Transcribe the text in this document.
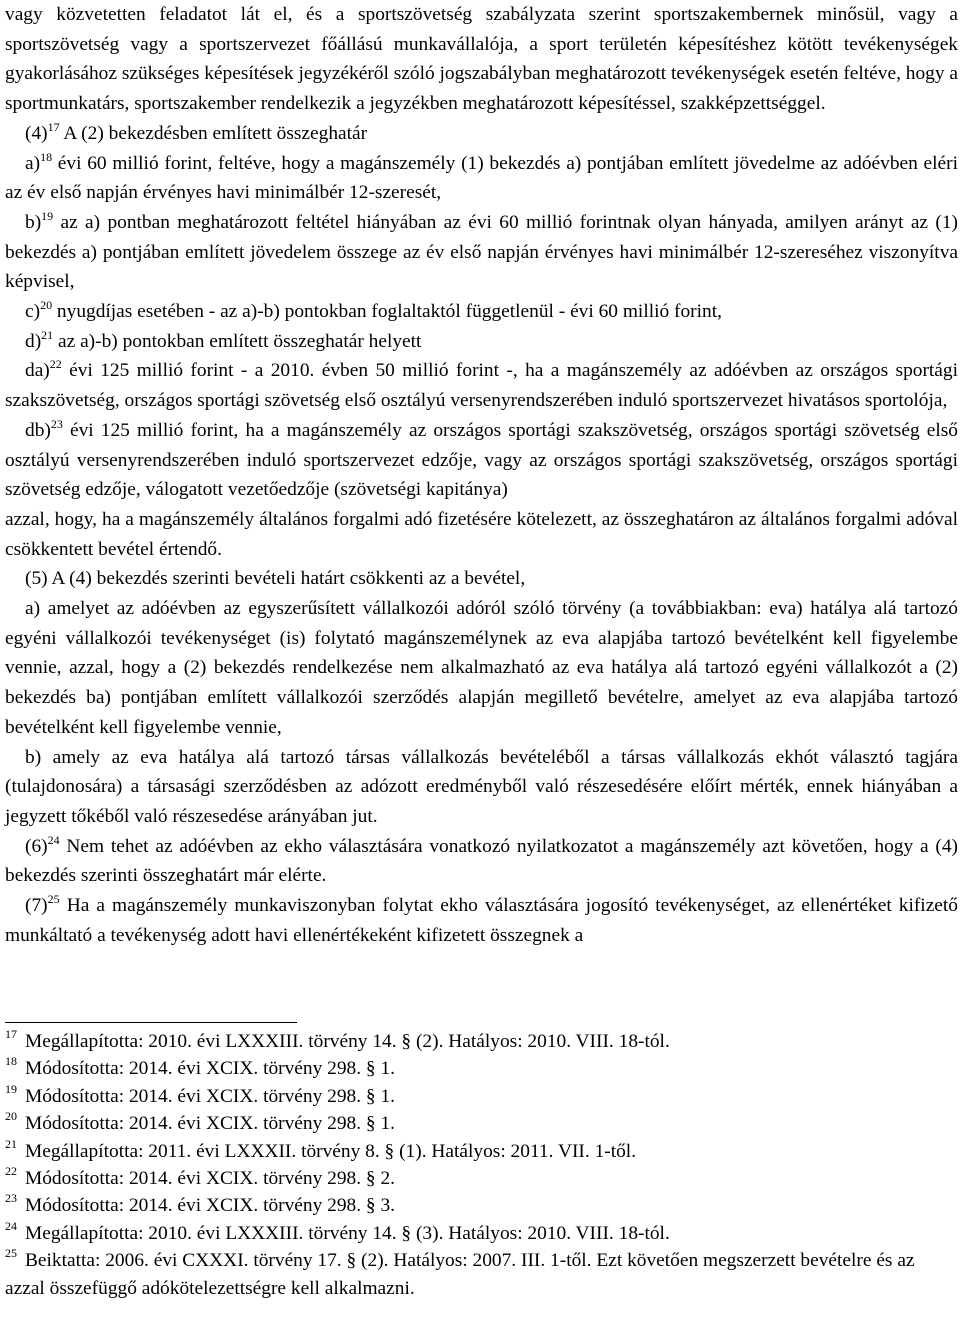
vagy közvetetten feladatot lát el, és a sportszövetség szabályzata szerint sportszakembernek minősül, vagy a sportszövetség vagy a sportszervezet főállású munkavállalója, a sport területén képesítéshez kötött tevékenységek gyakorlásához szükséges képesítések jegyzékéről szóló jogszabályban meghatározott tevékenységek esetén feltéve, hogy a sportmunkatárs, sportszakember rendelkezik a jegyzékben meghatározott képesítéssel, szakképzettséggel.

$(4)^{17}$ A (2) bekezdésben említett összeghatár

a)$^{18}$ évi 60 millió forint, feltéve, hogy a magánszemély (1) bekezdés a) pontjában említett jövedelme az adóévben eléri az év első napján érvényes havi minimálbér 12-szeresét,

b)$^{19}$ az a) pontban meghatározott feltétel hiányában az évi 60 millió forintnak olyan hányada, amilyen arányt az (1) bekezdés a) pontjában említett jövedelem összege az év első napján érvényes havi minimálbér 12-szereséhez viszonyítva képvisel,

c)$^{20}$ nyugdíjas esetében - az a)-b) pontokban foglaltaktól függetlenül - évi 60 millió forint,

d)$^{21}$ az a)-b) pontokban említett összeghatár helyett

da)$^{22}$ évi 125 millió forint - a 2010. évben 50 millió forint -, ha a magánszemély az adóévben az országos sportági szakszövetség, országos sportági szövetség első osztályú versenyrendszerében induló sportszervezet hivatásos sportolója,

db)$^{23}$ évi 125 millió forint, ha a magánszemély az országos sportági szakszövetség, országos sportági szövetség első osztályú versenyrendszerében induló sportszervezet edzője, vagy az országos sportági szakszövetség, országos sportági szövetség edzője, válogatott vezetőedzője (szövetségi kapitánya)

azzal, hogy, ha a magánszemély általános forgalmi adó fizetésére kötelezett, az összeghatáron az általános forgalmi adóval csökkentett bevétel értendő.

(5) A (4) bekezdés szerinti bevételi határt csökkenti az a bevétel,

a) amelyet az adóévben az egyszerűsített vállalkozói adóról szóló törvény (a továbbiakban: eva) hatálya alá tartozó egyéni vállalkozói tevékenységet (is) folytató magánszemélynek az eva alapjába tartozó bevételként kell figyelembe vennie, azzal, hogy a (2) bekezdés rendelkezése nem alkalmazható az eva hatálya alá tartozó egyéni vállalkozót a (2) bekezdés ba) pontjában említett vállalkozói szerződés alapján megillető bevételre, amelyet az eva alapjába tartozó bevételként kell figyelembe vennie,

b) amely az eva hatálya alá tartozó társas vállalkozás bevételéből a társas vállalkozás ekhót választó tagjára (tulajdonosára) a társasági szerződésben az adózott eredményből való részesedésére előírt mérték, ennek hiányában a jegyzett tőkéből való részesedése arányában jut.

$(6)^{24}$ Nem tehet az adóévben az ekho választására vonatkozó nyilatkozatot a magánszemély azt követően, hogy a (4) bekezdés szerinti összeghatárt már elérte.

$(7)^{25}$ Ha a magánszemély munkaviszonyban folytat ekho választására jogosító tevékenységet, az ellenértéket kifizető munkáltató a tevékenység adott havi ellenértékeként kifizetett összegnek a

$^{17}$ Megállapította: 2010. évi LXXXIII. törvény 14. § (2). Hatályos: 2010. VIII. 18-tól.

$^{18}$ Módosította: 2014. évi XCIX. törvény 298. § 1.

$^{19}$ Módosította: 2014. évi XCIX. törvény 298. § 1.

$^{20}$ Módosította: 2014. évi XCIX. törvény 298. § 1.

$^{21}$ Megállapította: 2011. évi LXXXII. törvény 8. § (1). Hatályos: 2011. VII. 1-től.

$^{22}$ Módosította: 2014. évi XCIX. törvény 298. § 2.

$^{23}$ Módosította: 2014. évi XCIX. törvény 298. § 3.

$^{24}$ Megállapította: 2010. évi LXXXIII. törvény 14. § (3). Hatályos: 2010. VIII. 18-tól.

$^{25}$ Beiktatta: 2006. évi CXXXI. törvény 17. § (2). Hatályos: 2007. III. 1-től. Ezt követően megszerzett bevételre és az azzal összefüggő adókötelezettségre kell alkalmazni.
